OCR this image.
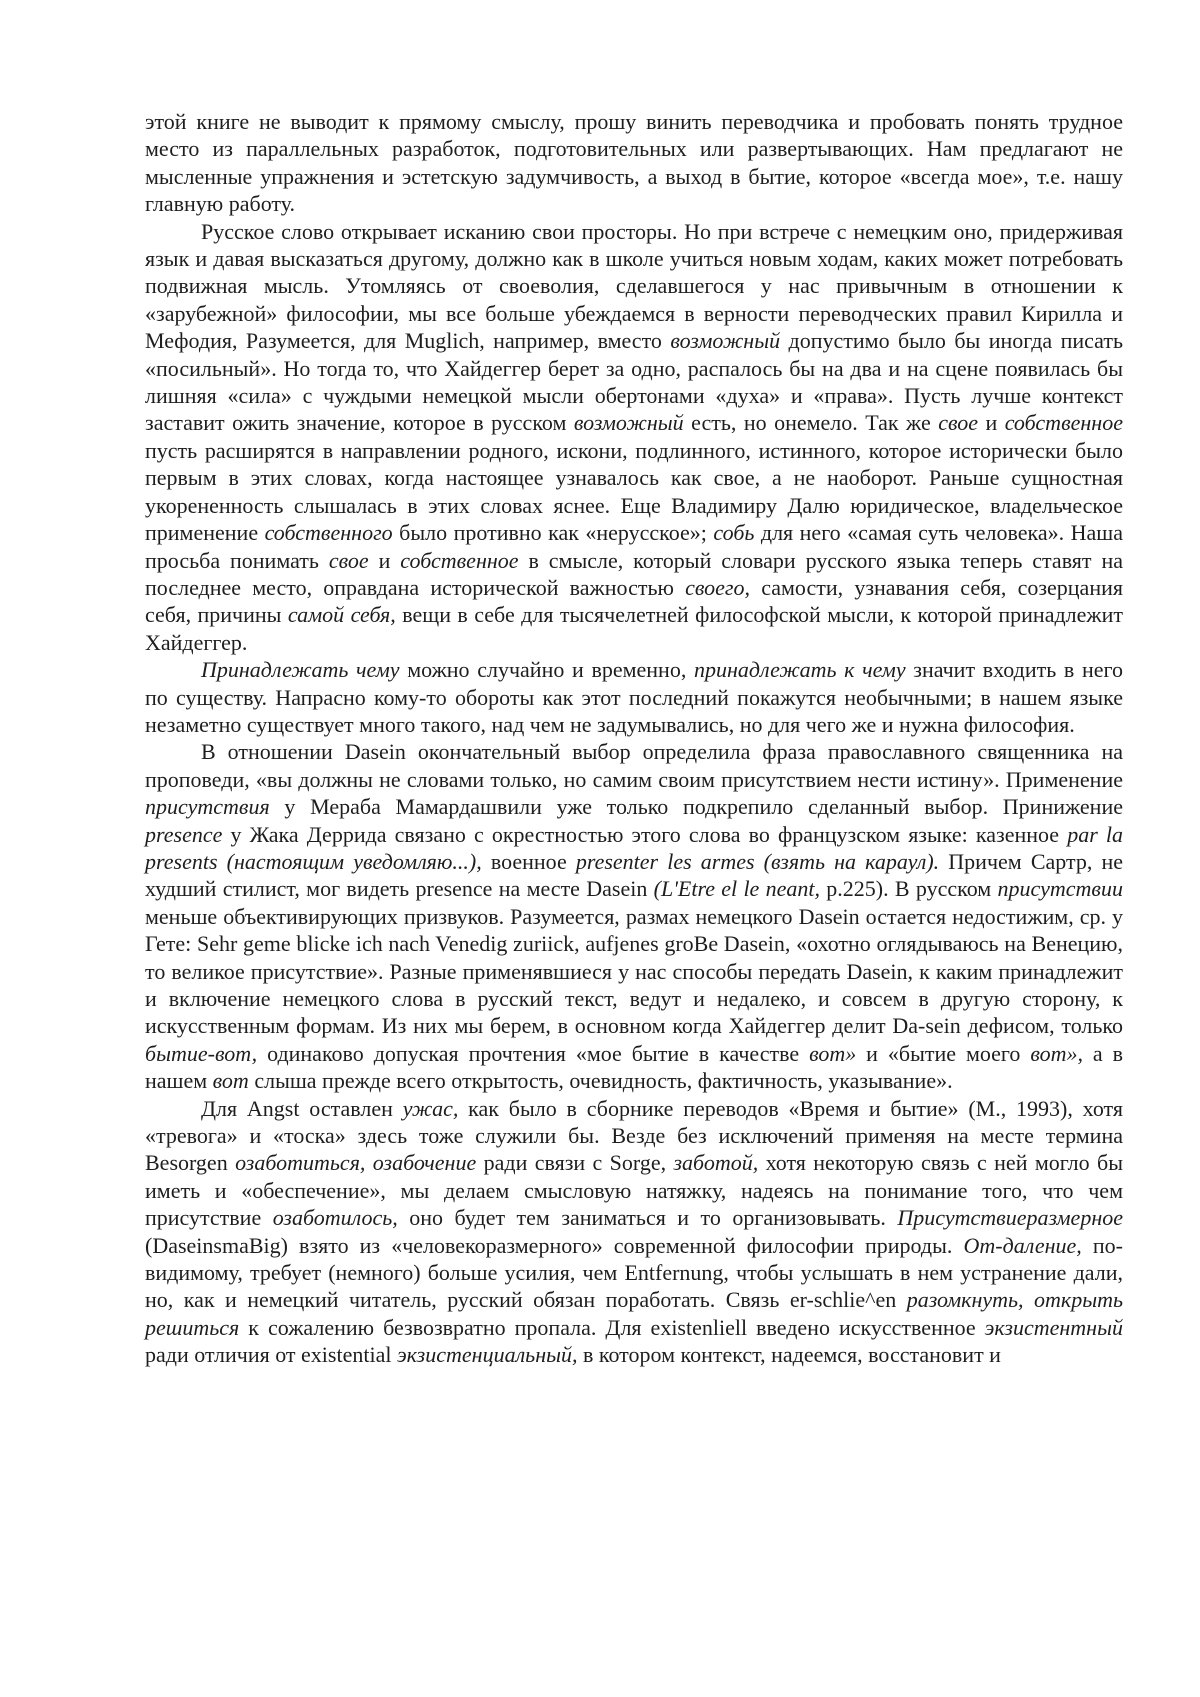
этой книге не выводит к прямому смыслу, прошу винить переводчика и пробовать понять трудное место из параллельных разработок, подготовительных или развертывающих. Нам предлагают не мысленные упражнения и эстетскую задумчивость, а выход в бытие, которое «всегда мое», т.е. нашу главную работу.

Русское слово открывает исканию свои просторы. Но при встрече с немецким оно, придерживая язык и давая высказаться другому, должно как в школе учиться новым ходам, каких может потребовать подвижная мысль. Утомляясь от своеволия, сделавшегося у нас привычным в отношении к «зарубежной» философии, мы все больше убеждаемся в верности переводческих правил Кирилла и Мефодия, Разумеется, для Muglich, например, вместо возможный допустимо было бы иногда писать «посильный». Но тогда то, что Хайдеггер берет за одно, распалось бы на два и на сцене появилась бы лишняя «сила» с чуждыми немецкой мысли обертонами «духа» и «права». Пусть лучше контекст заставит ожить значение, которое в русском возможный есть, но онемело. Так же свое и собственное пусть расширятся в направлении родного, искони, подлинного, истинного, которое исторически было первым в этих словах, когда настоящее узнавалось как свое, а не наоборот. Раньше сущностная укорененность слышалась в этих словах яснее. Еще Владимиру Далю юридическое, владельческое применение собственного было противно как «нерусское»; собь для него «самая суть человека». Наша просьба понимать свое и собственное в смысле, который словари русского языка теперь ставят на последнее место, оправдана исторической важностью своего, самости, узнавания себя, созерцания себя, причины самой себя, вещи в себе для тысячелетней философской мысли, к которой принадлежит Хайдеггер.

Принадлежать чему можно случайно и временно, принадлежать к чему значит входить в него по существу. Напрасно кому-то обороты как этот последний покажутся необычными; в нашем языке незаметно существует много такого, над чем не задумывались, но для чего же и нужна философия.

В отношении Dasein окончательный выбор определила фраза православного священника на проповеди, «вы должны не словами только, но самим своим присутствием нести истину». Применение присутствия у Мераба Мамардашвили уже только подкрепило сделанный выбор. Принижение presence у Жака Деррида связано с окрестностью этого слова во французском языке: казенное par la presents (настоящим уведомляю...), военное presenter les armes (взять на караул). Причем Сартр, не худший стилист, мог видеть presence на месте Dasein (L'Etre el le neant, p.225). В русском присутствии меньше объективирующих призвуков. Разумеется, размах немецкого Dasein остается недостижим, ср. у Гете: Sehr geme blicke ich nach Venedig zuriick, aufjenes groBe Dasein, «охотно оглядываюсь на Венецию, то великое присутствие». Разные применявшиеся у нас способы передать Dasein, к каким принадлежит и включение немецкого слова в русский текст, ведут и недалеко, и совсем в другую сторону, к искусственным формам. Из них мы берем, в основном когда Хайдеггер делит Da-sein дефисом, только бытие-вот, одинаково допуская прочтения «мое бытие в качестве вот» и «бытие моего вот», а в нашем вот слыша прежде всего открытость, очевидность, фактичность, указывание».

Для Angst оставлен ужас, как было в сборнике переводов «Время и бытие» (М., 1993), хотя «тревога» и «тоска» здесь тоже служили бы. Везде без исключений применяя на месте термина Besorgen озаботиться, озабочение ради связи с Sorge, заботой, хотя некоторую связь с ней могло бы иметь и «обеспечение», мы делаем смысловую натяжку, надеясь на понимание того, что чем присутствие озаботилось, оно будет тем заниматься и то организовывать. Присутствиеразмерное (DaseinsmaBig) взято из «человекоразмерного» современной философии природы. От-даление, по-видимому, требует (немного) больше усилия, чем Entfernung, чтобы услышать в нем устранение дали, но, как и немецкий читатель, русский обязан поработать. Связь er-schlie^en разомкнуть, открыть решиться к сожалению безвозвратно пропала. Для existenliell введено искусственное экзистентный ради отличия от existential экзистенциальный, в котором контекст, надеемся, восстановит и
